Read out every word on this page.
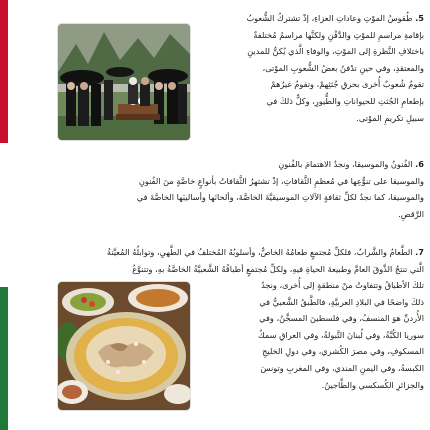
5. طُقوسُ الموْتِ وعاداتِ العزاءِ، إذْ تشتركُ الشُّعوبُ
بإقامةِ مراسمِ للموْتِ والدَّفْنِ ولكنَّها مراسمُ مُختلفةٌ
باختلافِ النَّظرةِ إلى الموْتِ، والوفاءِ الَّذي يُكنُّ للمدينِ
والمعتقدِ، وفي حينِ تدْفنُ بعضُ الشُّعوبِ الموْتى،
تقومُ شُعوبٌ أُخرى بحرقِ جُثثِهمْ، وتقومُ غيرُهمْ
بإطعامِ الجُثثِ للحيواناتِ والطُّيورِ، وكلُّ ذلكَ في
سبيلِ تكريمِ الموْتى.
6. الفُنونُ والموسيقا، ونجدُ الاهتمامَ بالفُنونِ
والموسيقا على تنوُّعِها في مُعظمِ الثَّقافاتِ، إذْ تشتهرُ الثَّقافاتُ بأنواعٍ خاصَّةٍ منَ الفُنونِ
والموسيقا، كما نجدُ لكلِّ ثقافةٍ الآلاتِ الموسيقيَّةَ الخاصَّةَ، وألحانَها وأساليبَها الخاصَّةَ في
الرَّقصِ.
7. الطَّعامُ والشَّرابُ، فلكلِّ مُجتمعٍ طعامُهُ الخاصُّ، وأسلوبُهُ المُختلفُ في الطَّهيِ، وتوابلُهُ المُعيَّنةُ
الَّتي تنتجُ الذَّوقَ العامَّ وطبيعةَ الحياةِ فيهِ، ولكلِّ مُجتمعٍ أطباقُهُ الشَّعبيَّةُ الخاصَّةُ بهِ، وتتنوَّعُ
تلكَ الأطباقُ وتتفاوتُ منْ منطقةٍ إلى أُخرى، ونجدُ
ذلكَ واضحًا في البلادِ العربيَّةِ، فالطَّبقُ الشَّعبيُّ في
الأُردنِّ هوَ المنسفُ، وفي فلسطينَ المسخَّنُ، وفي
سوريا الكُبَّةُ، وفي لُبنانَ التَّبولةُ، وفي العراقِ سمكُ
المسكوفِ، وفي مصرَ الكُشري، وفي دولِ الخليجِ
الكبسةُ، وفي اليمنِ المندي، وفي المغربِ وتونسَ
والجزائرِ الكُسكسي والطَّاجينُ.
